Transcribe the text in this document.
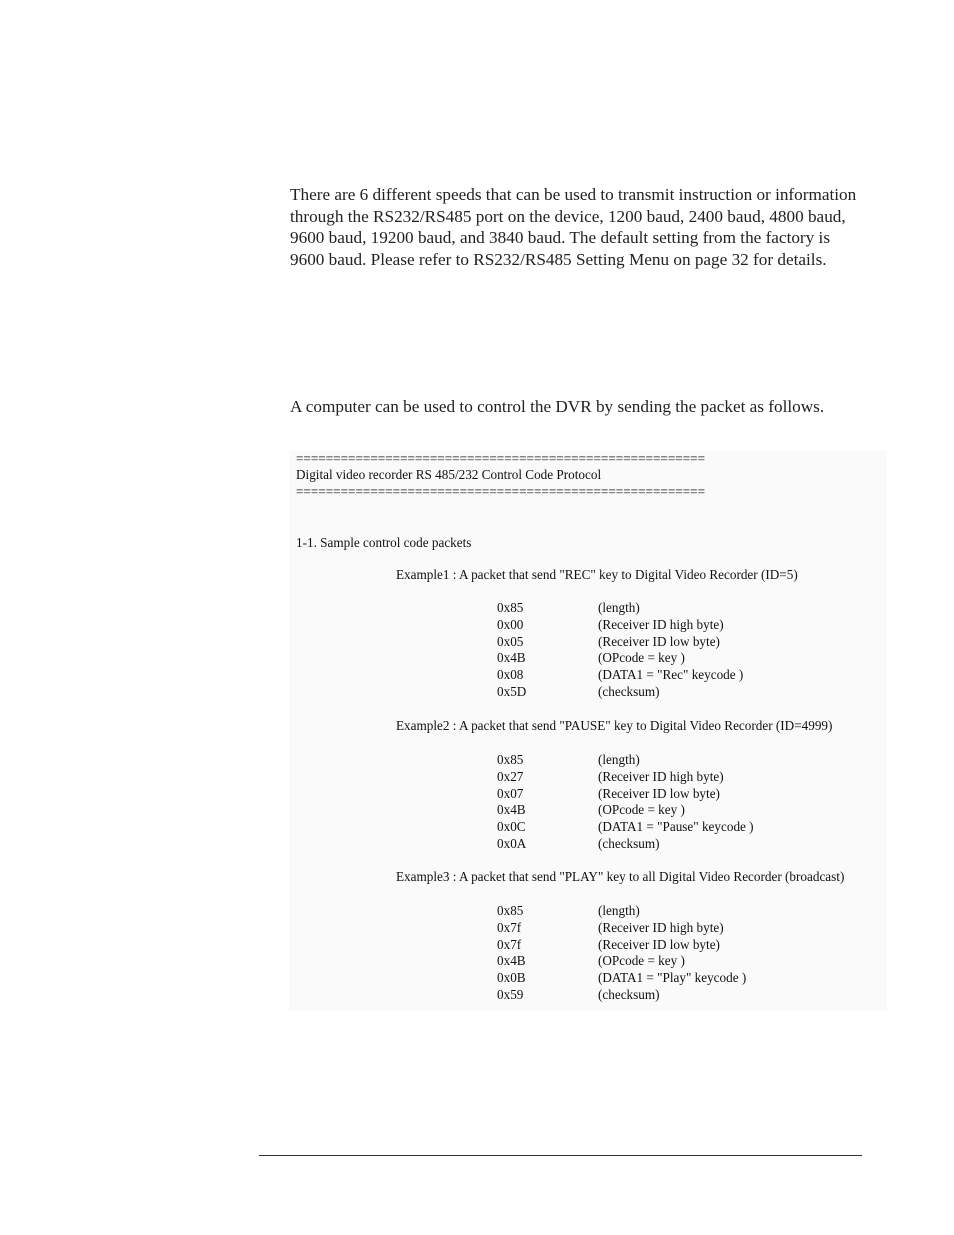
There are 6 different speeds that can be used to transmit instruction or information through the RS232/RS485 port on the device, 1200 baud, 2400 baud, 4800 baud, 9600 baud, 19200 baud, and 3840 baud. The default setting from the factory is 9600 baud. Please refer to RS232/RS485 Setting Menu on page 32 for details.

A computer can be used to control the DVR by sending the packet as follows.

=======================================================

Digital video recorder RS 485/232 Control Code Protocol

=======================================================

1-1. Sample control code packets

Example1 : A packet that send "REC" key to Digital Video Recorder (ID=5)

0x85	(length)
0x00	(Receiver ID high byte)
0x05	(Receiver ID low byte)
0x4B	(OPcode = key )
0x08	(DATA1 = "Rec" keycode )
0x5D	(checksum)

Example2 : A packet that send "PAUSE" key to Digital Video Recorder (ID=4999)

0x85	(length)
0x27	(Receiver ID high byte)
0x07	(Receiver ID low byte)
0x4B	(OPcode = key )
0x0C	(DATA1 = "Pause" keycode )
0x0A	(checksum)

Example3 : A packet that send "PLAY" key to all Digital Video Recorder (broadcast)

0x85	(length)
0x7f	(Receiver ID high byte)
0x7f	(Receiver ID low byte)
0x4B	(OPcode = key )
0x0B	(DATA1 = "Play" keycode )
0x59	(checksum)
